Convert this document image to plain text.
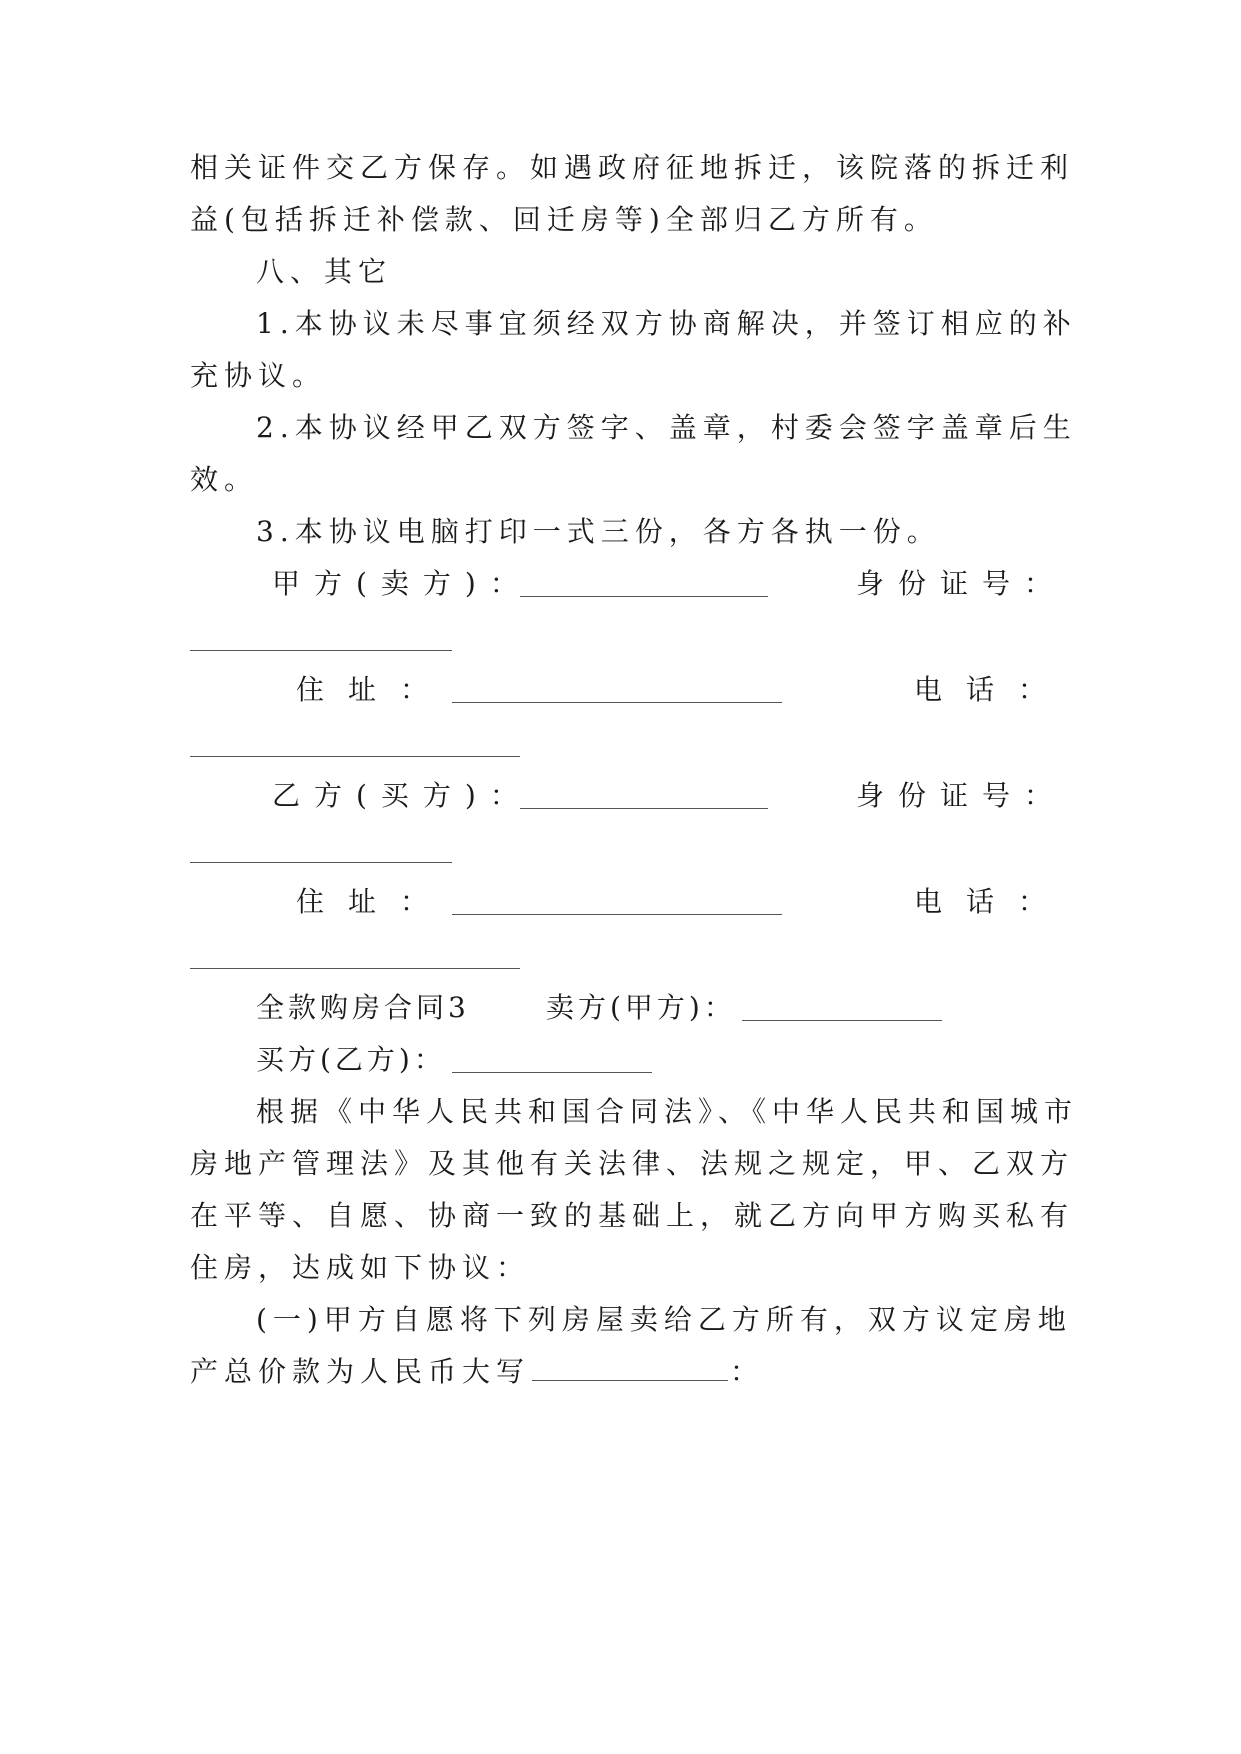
相关证件交乙方保存。如遇政府征地拆迁，该院落的拆迁利
益(包括拆迁补偿款、回迁房等)全部归乙方所有。
八、其它
1.本协议未尽事宜须经双方协商解决，并签订相应的补
充协议。
2.本协议经甲乙双方签字、盖章，村委会签字盖章后生
效。
3.本协议电脑打印一式三份，各方各执一份。
甲方(卖方)：	身份证号：
住址：	电话：
乙方(买方)：	身份证号：
住址：	电话：
全款购房合同3	卖方(甲方)：
买方(乙方)：
根据《中华人民共和国合同法》、《中华人民共和国城市
房地产管理法》及其他有关法律、法规之规定，甲、乙双方
在平等、自愿、协商一致的基础上，就乙方向甲方购买私有
住房，达成如下协议：
(一)甲方自愿将下列房屋卖给乙方所有，双方议定房地
产总价款为人民币大写	：
